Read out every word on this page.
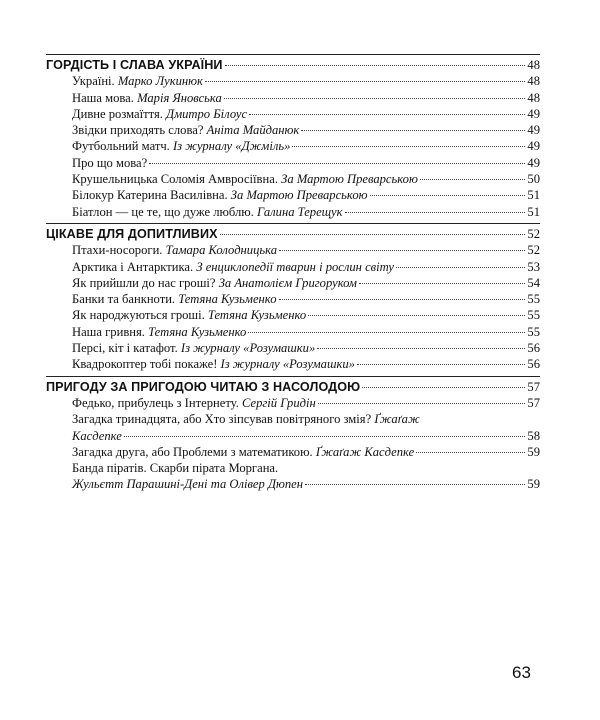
ГОРДІСТЬ І СЛАВА УКРАЇНИ	48
Україні. Марко Лукинюк	48
Наша мова. Марія Яновська	48
Дивне розмаїття. Дмитро Білоус	49
Звідки приходять слова? Аніта Майданюк	49
Футбольний матч. Із журналу «Джміль»	49
Про що мова?	49
Крушельницька Соломія Амвросіївна. За Мартою Преварською	50
Білокур Катерина Василівна. За Мартою Преварською	51
Біатлон — це те, що дуже люблю. Галина Терещук	51
ЦІКАВЕ ДЛЯ ДОПИТЛИВИХ	52
Птахи-носороги. Тамара Колодницька	52
Арктика і Антарктика. З енциклопедії тварин і рослин світу	53
Як прийшли до нас гроші? За Анатолієм Григоруком	54
Банки та банкноти. Тетяна Кузьменко	55
Як народжуються гроші. Тетяна Кузьменко	55
Наша гривня. Тетяна Кузьменко	55
Персі, кіт і катафот. Із журналу «Розумашки»	56
Квадрокоптер тобі покаже! Із журналу «Розумашки»	56
ПРИГОДУ ЗА ПРИГОДОЮ ЧИТАЮ З НАСОЛОДОЮ	57
Федько, прибулець з Інтернету. Сергій Гридін	57
Загадка тринадцята, або Хто зіпсував повітряного змія? Ґжаґаж
Касдепке	58
Загадка друга, або Проблеми з математикою. Ґжаґаж Касдепке	59
Банда піратів. Скарби пірата Моргана.
Жульєтт Парашині-Дені та Олівер Дюпен	59
63
